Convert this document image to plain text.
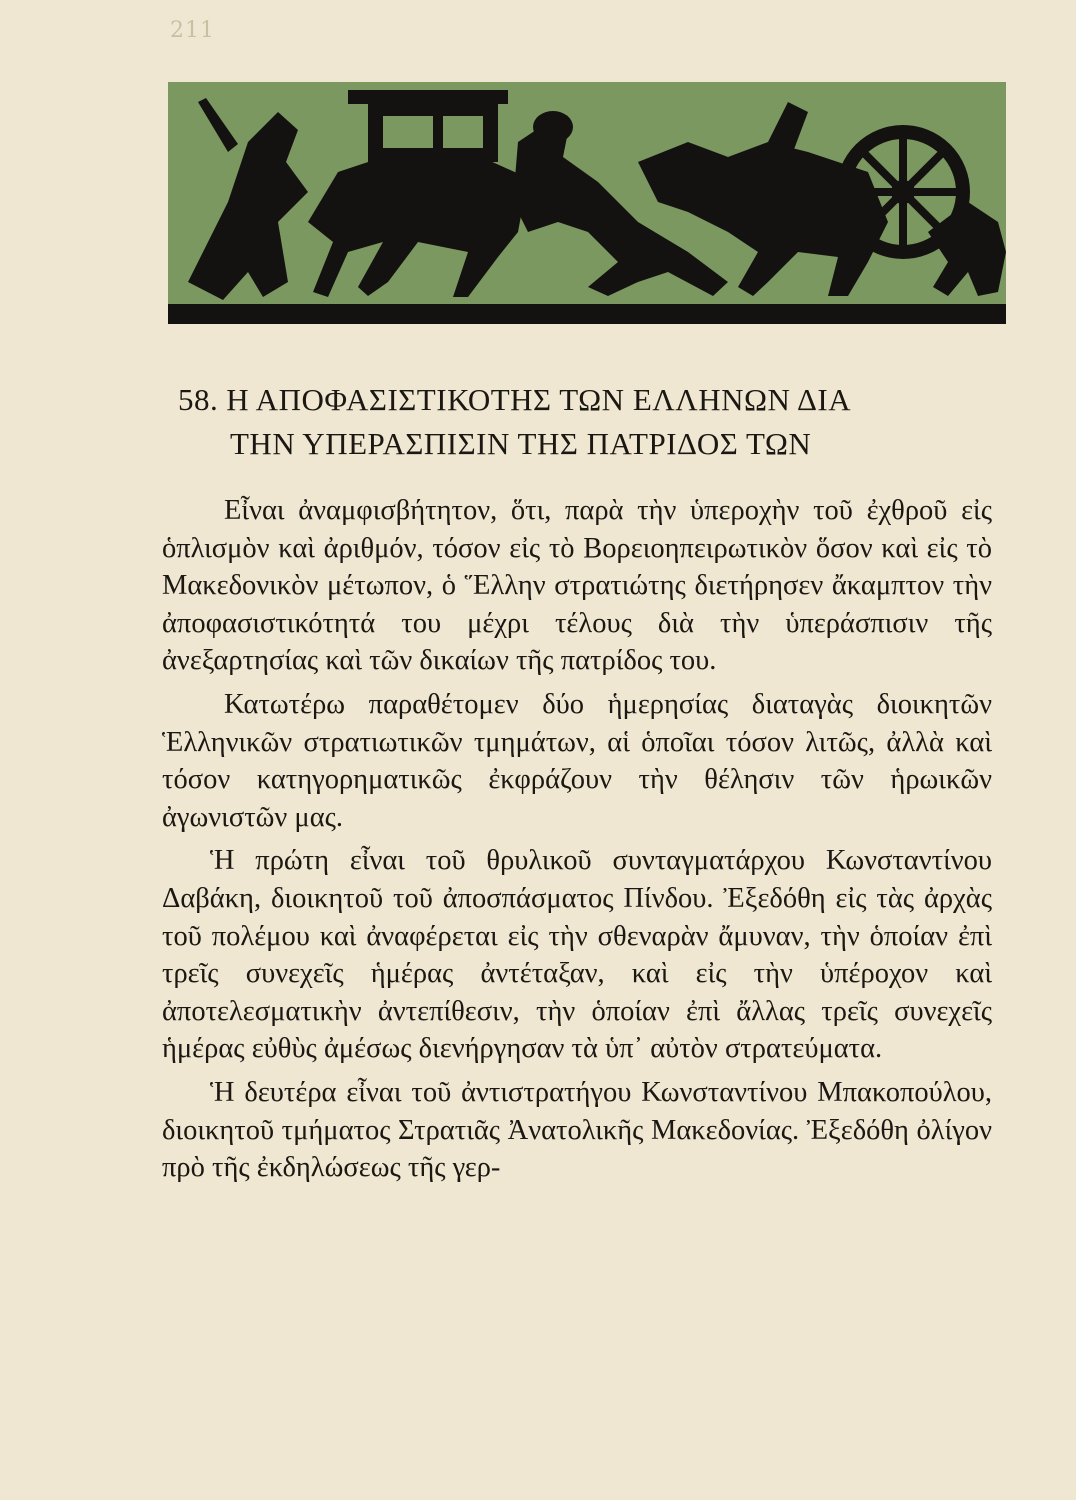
211
58. Η ΑΠΟΦΑΣΙΣΤΙΚΟΤΗΣ ΤΩΝ ΕΛΛΗΝΩΝ ΔΙΑ
ΤΗΝ ΥΠΕΡΑΣΠΙΣΙΝ ΤΗΣ ΠΑΤΡΙΔΟΣ ΤΩΝ

Εἶναι ἀναμφισβήτητον, ὅτι, παρὰ τὴν ὑπεροχὴν τοῦ ἐχθροῦ εἰς ὁπλισμὸν καὶ ἀριθμόν, τόσον εἰς τὸ Βορειοηπειρωτικὸν ὅσον καὶ εἰς τὸ Μακεδονικὸν μέτωπον, ὁ Ἕλλην στρατιώτης διετήρησεν ἄκαμπτον τὴν ἀποφασιστικότητά του μέχρι τέλους διὰ τὴν ὑπεράσπισιν τῆς ἀνεξαρτησίας καὶ τῶν δικαίων τῆς πατρίδος του.

Κατωτέρω παραθέτομεν δύο ἡμερησίας διαταγὰς διοικητῶν Ἑλληνικῶν στρατιωτικῶν τμημάτων, αἱ ὁποῖαι τόσον λιτῶς, ἀλλὰ καὶ τόσον κατηγορηματικῶς ἐκφράζουν τὴν θέλησιν τῶν ἡρωικῶν ἀγωνιστῶν μας.

Ἡ πρώτη εἶναι τοῦ θρυλικοῦ συνταγματάρχου Κωνσταντίνου Δαβάκη, διοικητοῦ τοῦ ἀποσπάσματος Πίνδου. Ἐξεδόθη εἰς τὰς ἀρχὰς τοῦ πολέμου καὶ ἀναφέρεται εἰς τὴν σθεναρὰν ἄμυναν, τὴν ὁποίαν ἐπὶ τρεῖς συνεχεῖς ἡμέρας ἀντέταξαν, καὶ εἰς τὴν ὑπέροχον καὶ ἀποτελεσματικὴν ἀντεπίθεσιν, τὴν ὁποίαν ἐπὶ ἄλλας τρεῖς συνεχεῖς ἡμέρας εὐθὺς ἀμέσως διενήργησαν τὰ ὑπ᾽ αὐτὸν στρατεύματα.

Ἡ δευτέρα εἶναι τοῦ ἀντιστρατήγου Κωνσταντίνου Μπακοπούλου, διοικητοῦ τμήματος Στρατιᾶς Ἀνατολικῆς Μακεδονίας. Ἐξεδόθη ὀλίγον πρὸ τῆς ἐκδηλώσεως τῆς γερ-
